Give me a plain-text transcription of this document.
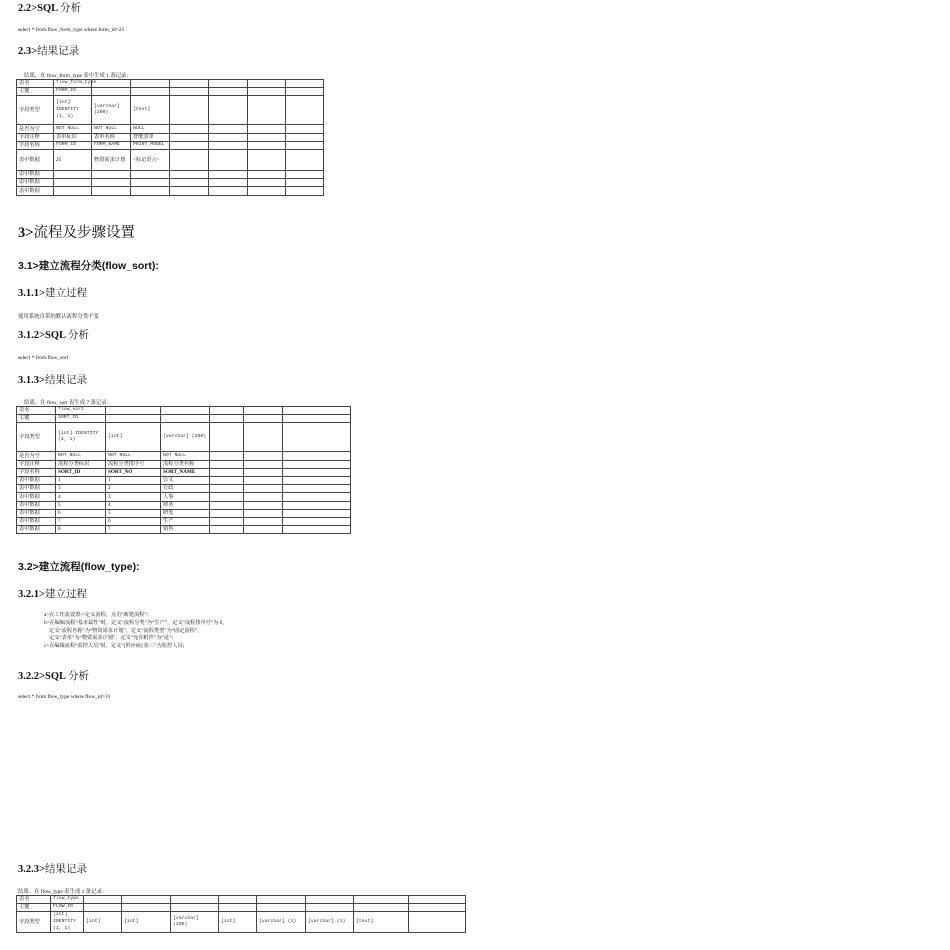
2.2>SQL 分析
select * from flow_form_type where form_id=25
2.3>结果记录
结果，在 flow_form_type 表中生成 1 条记录：
表名	flow_form_type						
主键	FORM_ID						
字段类型	[int] IDENTITY (1, 1)	[varchar] (200)	[text]				
是否为空	NOT NULL	NOT NULL	NULL				
字段注释	表单标识	表单名称	智能表单				
字段名称	FORM_ID	FORM_NAME	PRINT_MODEL				
表中数据	25	物资需求计划	<标记语言>				
表中数据							
表中数据							
表中数据							
3>流程及步骤设置
3.1>建立流程分类(flow_sort):
3.1.1>建立过程
使用系统自带的默认流程分类不变
3.1.2>SQL 分析
select * from flow_sort
3.1.3>结果记录
结果，在 flow_sort 表生成 7 条记录：
表名	flow_sort					
主键	SORT_ID					
字段类型	[int] IDENTITY (1, 1)	[int]	[varchar] (200)			
是否为空	NOT NULL	NOT NULL	NOT NULL			
字段注释	流程分类标识	流程分类排序号	流程分类名称			
字段名称	SORT_ID	SORT_NO	SORT_NAME			
表中数据	1	1	公文			
表中数据	3	2	行政			
表中数据	4	3	人事			
表中数据	5	4	财务			
表中数据	6	5	研发			
表中数据	7	6	生产			
表中数据	8	7	销售			
3.2>建立流程(flow_type):
3.2.1>建立过程
a>在工作流设置->定义流程，点击“新建流程”；
b>在编辑流程“基本属性”时，定义“流程分类”为“生产”，定义“流程排序号”为 0，
定义“流程名称”为“物资需求计划”，定义“流程类型”为“固定流程”，
定义“表单”为“物资需求计划”，定义“允许附件”为“是”；
c>在编辑流程“监控人员”时，定义“[供应商] 张三”为监控人员；
3.2.2>SQL 分析
select * from flow_type where flow_id=31
3.2.3>结果记录
结果：在 flow_type 表生成 1 条记录：
表名	flow_type								
主键	FLOW_ID								
字段类型	[int] IDENTITY (1, 1)	[int]	[int]	[varchar] (200)	[int]	[varchar] (1)	[varchar] (1)	[text]	
